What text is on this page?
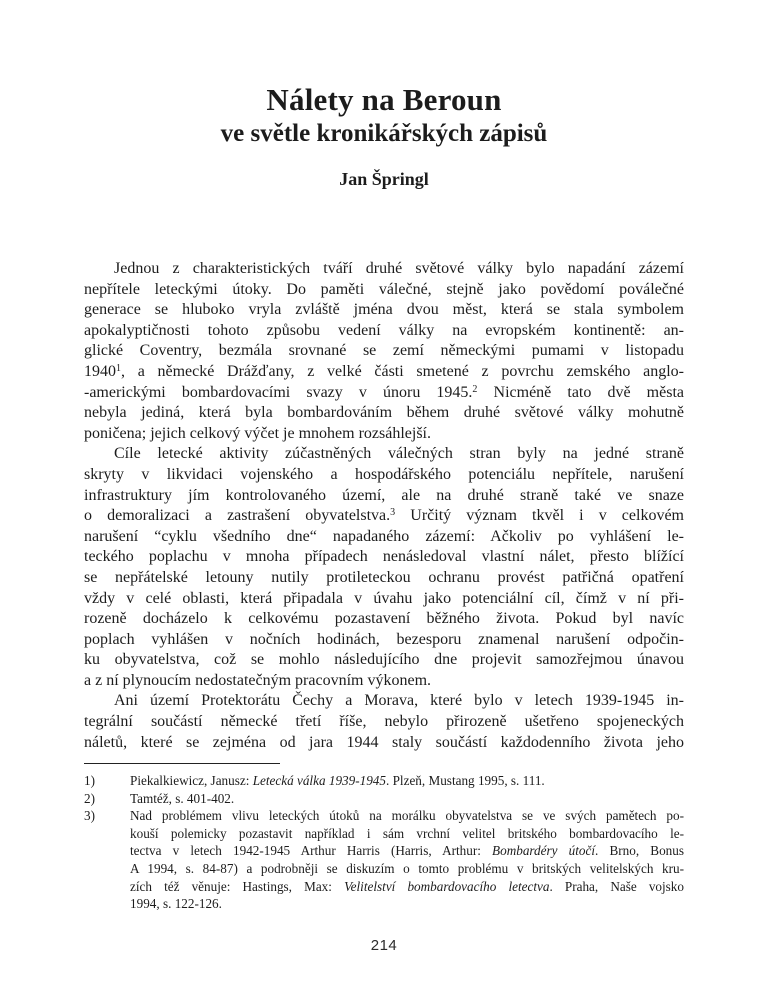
Nálety na Beroun
ve světle kronikářských zápisů
Jan Špringl
Jednou z charakteristických tváří druhé světové války bylo napadání zázemí
nepřítele leteckými útoky. Do paměti válečné, stejně jako povědomí poválečné
generace se hluboko vryla zvláště jména dvou měst, která se stala symbolem
apokalyptičnosti tohoto způsobu vedení války na evropském kontinentě: an-
glické Coventry, bezmála srovnané se zemí německými pumami v listopadu
1940$^1$, a německé Drážďany, z velké části smetené z povrchu zemského anglo-
-americkými bombardovacími svazy v únoru 1945.$^2$ Nicméně tato dvě města
nebyla jediná, která byla bombardováním během druhé světové války mohutně
poničena; jejich celkový výčet je mnohem rozsáhlejší.
Cíle letecké aktivity zúčastněných válečných stran byly na jedné straně
skryty v likvidaci vojenského a hospodářského potenciálu nepřítele, narušení
infrastruktury jím kontrolovaného území, ale na druhé straně také ve snaze
o demoralizaci a zastrašení obyvatelstva.$^3$ Určitý význam tkvěl i v celkovém
narušení “cyklu všedního dne“ napadaného zázemí: Ačkoliv po vyhlášení le-
teckého poplachu v mnoha případech nenásledoval vlastní nálet, přesto blížící
se nepřátelské letouny nutily protileteckou ochranu provést patřičná opatření
vždy v celé oblasti, která připadala v úvahu jako potenciální cíl, čímž v ní při-
rozeně docházelo k celkovému pozastavení běžného života. Pokud byl navíc
poplach vyhlášen v nočních hodinách, bezesporu znamenal narušení odpočin-
ku obyvatelstva, což se mohlo následujícího dne projevit samozřejmou únavou
a z ní plynoucím nedostatečným pracovním výkonem.
Ani území Protektorátu Čechy a Morava, které bylo v letech 1939-1945 in-
tegrální součástí německé třetí říše, nebylo přirozeně ušetřeno spojeneckých
náletů, které se zejména od jara 1944 staly součástí každodenního života jeho
1)	Piekalkiewicz, Janusz: Letecká válka 1939-1945. Plzeň, Mustang 1995, s. 111.
2)	Tamtéž, s. 401-402.
3)	Nad problémem vlivu leteckých útoků na morálku obyvatelstva se ve svých pamětech po-
kouší polemicky pozastavit například i sám vrchní velitel britského bombardovacího le-
tectva v letech 1942-1945 Arthur Harris (Harris, Arthur: Bombardéry útočí. Brno, Bonus
A 1994, s. 84-87) a podrobněji se diskuzím o tomto problému v britských velitelských kru-
zích též věnuje: Hastings, Max: Velitelství bombardovacího letectva. Praha, Naše vojsko
1994, s. 122-126.
214
